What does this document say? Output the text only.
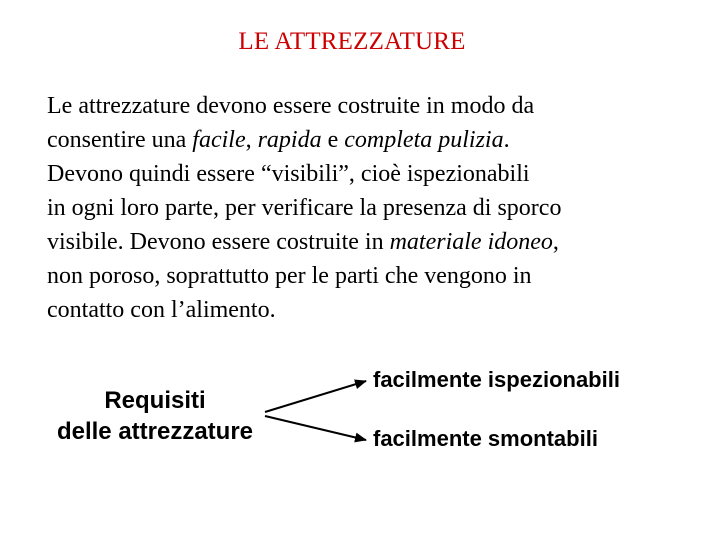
LE ATTREZZATURE
Le attrezzature devono essere costruite in modo da
consentire una facile, rapida e completa pulizia.
Devono quindi essere “visibili”, cioè ispezionabili
in ogni loro parte, per verificare la presenza di sporco
visibile. Devono essere costruite in materiale idoneo,
non poroso, soprattutto per le parti che vengono in
contatto con l’alimento.
Requisiti
delle attrezzature
facilmente ispezionabili
facilmente smontabili
